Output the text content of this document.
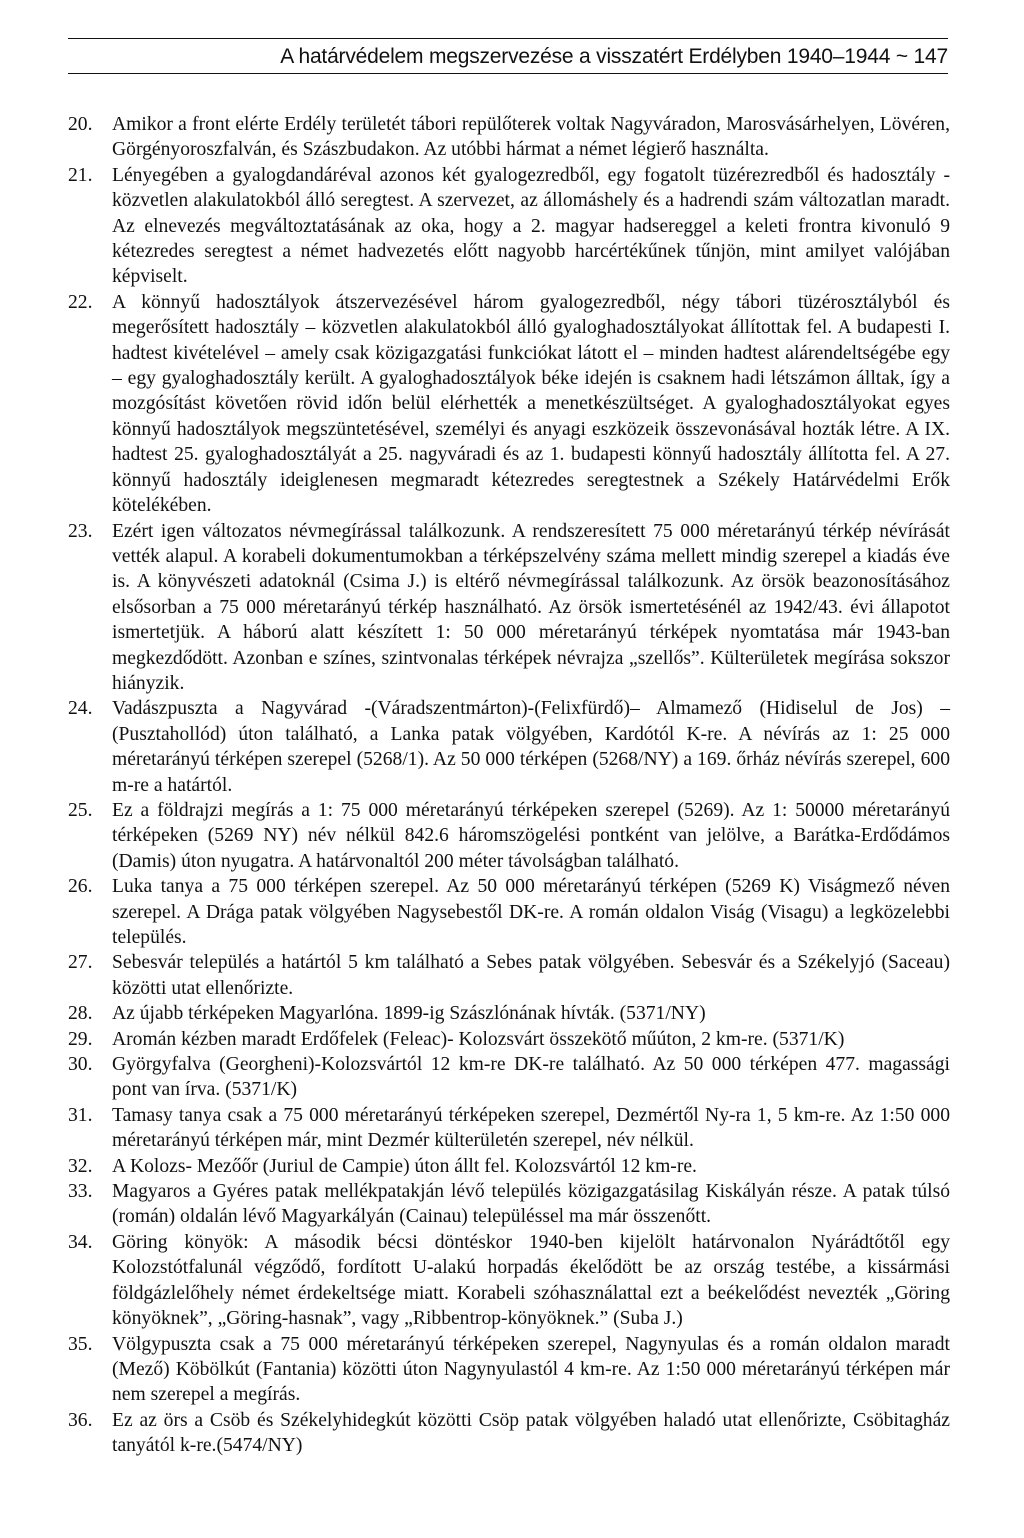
A határvédelem megszervezése a visszatért Erdélyben 1940–1944 ~ 147
20. Amikor a front elérte Erdély területét tábori repülőterek voltak Nagyváradon, Marosvásárhelyen, Lövéren, Görgényoroszfalván, és Szászbudakon. Az utóbbi hármat a német légierő használta.
21. Lényegében a gyalogdandáréval azonos két gyalogezredből, egy fogatolt tüzérezredből és hadosztály - közvetlen alakulatokból álló seregtest. A szervezet, az állomáshely és a hadrendi szám változatlan maradt. Az elnevezés megváltoztatásának az oka, hogy a 2. magyar hadsereggel a keleti frontra kivonuló 9 kétezredes seregtest a német hadvezetés előtt nagyobb harcértékűnek tűnjön, mint amilyet valójában képviselt.
22. A könnyű hadosztályok átszervezésével három gyalogezredből, négy tábori tüzérosztályból és megerősített hadosztály – közvetlen alakulatokból álló gyaloghadosztályokat állítottak fel. A budapesti I. hadtest kivételével – amely csak közigazgatási funkciókat látott el – minden hadtest alárendeltségébe egy – egy gyaloghadosztály került. A gyaloghadosztályok béke idején is csaknem hadi létszámon álltak, így a mozgósítást követően rövid időn belül elérhették a menetkészültséget. A gyaloghadosztályokat egyes könnyű hadosztályok megszüntetésével, személyi és anyagi eszközeik összevonásával hozták létre. A IX. hadtest 25. gyaloghadosztályát a 25. nagyváradi és az 1. budapesti könnyű hadosztály állította fel. A 27. könnyű hadosztály ideiglenesen megmaradt kétezredes seregtestnek a Székely Határvédelmi Erők kötelékében.
23. Ezért igen változatos névmegírással találkozunk. A rendszeresített 75 000 méretarányú térkép névírását vették alapul. A korabeli dokumentumokban a térképszelvény száma mellett mindig szerepel a kiadás éve is. A könyvészeti adatoknál (Csima J.) is eltérő névmegírással találkozunk. Az örsök beazonosításához elsősorban a 75 000 méretarányú térkép használható. Az örsök ismertetésénél az 1942/43. évi állapotot ismertetjük. A háború alatt készített 1: 50 000 méretarányú térképek nyomtatása már 1943-ban megkezdődött. Azonban e színes, szintvonalas térképek névrajza „szellős”. Külterületek megírása sokszor hiányzik.
24. Vadászpuszta a Nagyvárad -(Váradszentmárton)-(Felixfürdő)– Almamező (Hidiselul de Jos) – (Pusztahollód) úton található, a Lanka patak völgyében, Kardótól K-re. A névírás az 1: 25 000 méretarányú térképen szerepel (5268/1). Az 50 000 térképen (5268/NY) a 169. őrház névírás szerepel, 600 m-re a határtól.
25. Ez a földrajzi megírás a 1: 75 000 méretarányú térképeken szerepel (5269). Az 1: 50000 méretarányú térképeken (5269 NY) név nélkül 842.6 háromszögelési pontként van jelölve, a Barátka-Erdődámos (Damis) úton nyugatra. A határvonaltól 200 méter távolságban található.
26. Luka tanya a 75 000 térképen szerepel. Az 50 000 méretarányú térképen (5269 K) Viságmező néven szerepel. A Drága patak völgyében Nagysebestől DK-re. A román oldalon Viság (Visagu) a legközelebbi település.
27. Sebesvár település a határtól 5 km található a Sebes patak völgyében. Sebesvár és a Székelyjó (Saceau) közötti utat ellenőrizte.
28. Az újabb térképeken Magyarlóna. 1899-ig Szászlónának hívták. (5371/NY)
29. Aromán kézben maradt Erdőfelek (Feleac)- Kolozsvárt összekötő műúton, 2 km-re. (5371/K)
30. Györgyfalva (Georgheni)-Kolozsvártól 12 km-re DK-re található. Az 50 000 térképen 477. magassági pont van írva. (5371/K)
31. Tamasy tanya csak a 75 000 méretarányú térképeken szerepel, Dezmértől Ny-ra 1, 5 km-re. Az 1:50 000 méretarányú térképen már, mint Dezmér külterületén szerepel, név nélkül.
32. A Kolozs- Mezőőr (Juriul de Campie) úton állt fel. Kolozsvártól 12 km-re.
33. Magyaros a Gyéres patak mellékpatakján lévő település közigazgatásilag Kiskályán része. A patak túlsó (román) oldalán lévő Magyarkályán (Cainau) településsel ma már összenőtt.
34. Göring könyök: A második bécsi döntéskor 1940-ben kijelölt határvonalon Nyárádtőtől egy Kolozstótfalunál végződő, fordított U-alakú horpadás ékelődött be az ország testébe, a kissármási földgázlelőhely német érdekeltsége miatt. Korabeli szóhasználattal ezt a beékelődést nevezték „Göring könyöknek”, „Göring-hasnak”, vagy „Ribbentrop-könyöknek.” (Suba J.)
35. Völgypuszta csak a 75 000 méretarányú térképeken szerepel, Nagynyulas és a román oldalon maradt (Mező) Köbölkút (Fantania) közötti úton Nagynyulastól 4 km-re. Az 1:50 000 méretarányú térképen már nem szerepel a megírás.
36. Ez az örs a Csöb és Székelyhidegkút közötti Csöp patak völgyében haladó utat ellenőrizte, Csöbitagház tanyától k-re.(5474/NY)
